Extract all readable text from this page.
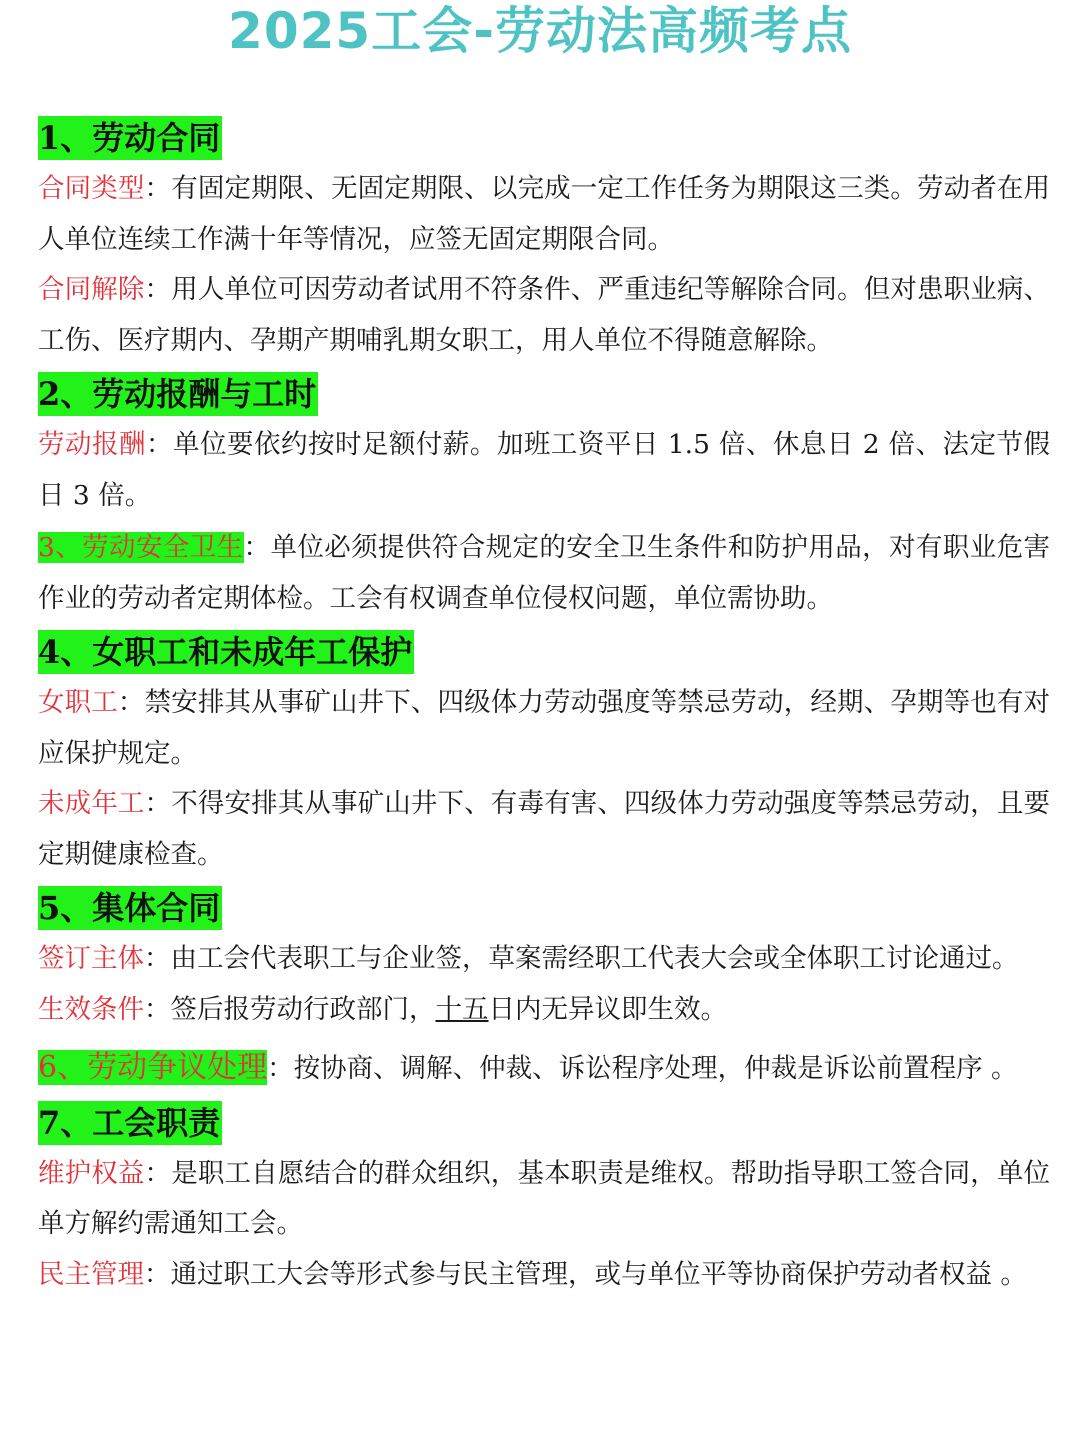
2025工会-劳动法高频考点
1、劳动合同

合同类型：有固定期限、无固定期限、以完成一定工作任务为期限这三类。劳动者在用人单位连续工作满十年等情况，应签无固定期限合同。

合同解除：用人单位可因劳动者试用不符条件、严重违纪等解除合同。但对患职业病、工伤、医疗期内、孕期产期哺乳期女职工，用人单位不得随意解除。

2、劳动报酬与工时

劳动报酬：单位要依约按时足额付薪。加班工资平日 1.5 倍、休息日 2 倍、法定节假日 3 倍。

3、劳动安全卫生：单位必须提供符合规定的安全卫生条件和防护用品，对有职业危害作业的劳动者定期体检。工会有权调查单位侵权问题，单位需协助。

4、女职工和未成年工保护

女职工：禁安排其从事矿山井下、四级体力劳动强度等禁忌劳动，经期、孕期等也有对应保护规定。

未成年工：不得安排其从事矿山井下、有毒有害、四级体力劳动强度等禁忌劳动，且要定期健康检查。

5、集体合同

签订主体：由工会代表职工与企业签，草案需经职工代表大会或全体职工讨论通过。

生效条件：签后报劳动行政部门，十五日内无异议即生效。

6、劳动争议处理：按协商、调解、仲裁、诉讼程序处理，仲裁是诉讼前置程序 。

7、工会职责

维护权益：是职工自愿结合的群众组织，基本职责是维权。帮助指导职工签合同，单位单方解约需通知工会。

民主管理：通过职工大会等形式参与民主管理，或与单位平等协商保护劳动者权益 。
